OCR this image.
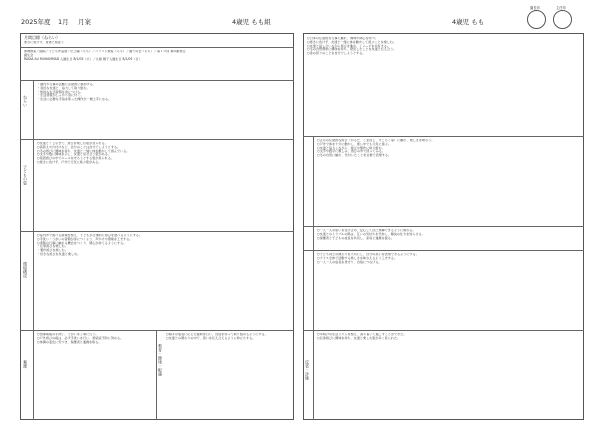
2025年度 1月 月案	4歳児 もも組
月間目標（ねらい）
寒さに負けず、身体と遊ぼう
体操教室／園庭／子ども作品展／尼土曜（もも）／パソコン教室（もも）／園での会（もも）／第１０回 異年齢遊び
誕生会
RADIA AU MUHAMMAD 入園生日 8/1/05（火）／九條 陽子入園生日 8/1/05（日）
ねらい
・園内や行事の活動に意欲的に参加する。
・身近な友達と、協力して取り組む。
・知的な生活習慣を身につける。
・生活習慣がしっかり身に付く。
・生活に必要な手指を使った操作が一層上手になる。
子どもの姿
○友達とくじ引きで、遊びを楽しむ姿が見られる。
○着替えや片付けなど、自分のことは自分でしようとする。
○冬の遊びに興味を持ち、友達と一緒に体を動かして遊んでいる。
○文字や数に興味を示し、友達と見せ合う姿がある。
○集団遊びの中でルールを守ろうとする姿が見られる。
○寒さに負けず、戸外で元気に遊ぶ姿がある。
環境構成
○室内外で遊べる環境を整え、子どもが主体的に遊びを選べるようにする。
○手洗い・うがいの習慣が身につくよう、声かけや環境を工夫する。
○季節の行事に触れる機会をつくり、関心が持てるようにする。
・伝承遊びを楽しむ。
・製作遊びを楽しむ。
・好きな遊びを友達と楽しむ。
養護
○食事前後の手洗い、うがいを丁寧に行う。
○戸外遊びの後は、必ず手洗いを行い、感染症予防に努める。
○体調の変化に気づき、保護者と連携を取る。
教育・健康・配慮
○個々の成長に応じた援助を行い、自信を持って取り組めるようにする。
○友達との関わりの中で、思いを伝え合えるように仲立ちする。
4歳児 もも
園長印	主任印
○日本の伝統的な行事に触れ、興味や関心を持つ。
○寒さに負けず、友達と一緒に体を動かして遊ぶことを楽しむ。
○友達と話し合いながら遊びを進め、イメージを共有する。
○冬の自然現象に興味を持ち、発見したことを友達と伝え合う。
○身の回りのことを自分でしようとする。
○正月の伝統的な遊び（かるた、こま回し、すごろく等）に触れ、楽しさを味わう。
○戸外で体を十分に動かし、寒い中でも元気に遊ぶ。
○友達と協力しながら、遊びや製作に取り組む。
○文字や数字に親しみ、遊びの中で使ってみる。
○冬の自然に触れ、気付いたことを言葉で表現する。
○一人一人の思いを受け止め、安心して自己発揮できるように関わる。
○友達とのトラブルの際は、互いの気持ちを代弁し、解決の仕方を知らせる。
○保護者と子どもの成長を共有し、家庭と連携を図る。
○子ども同士の関わりを大切にし、自分の思いを表現できるようにする。
○クラス全体で活動する楽しさを味わえるよう工夫する。
○一人一人の成長を見守り、自信につなげる。
反省・評価
○年明けの生活リズムを整え、落ち着いて過ごすことができた。
○伝承遊びに興味を持ち、友達と楽しむ姿が多く見られた。
